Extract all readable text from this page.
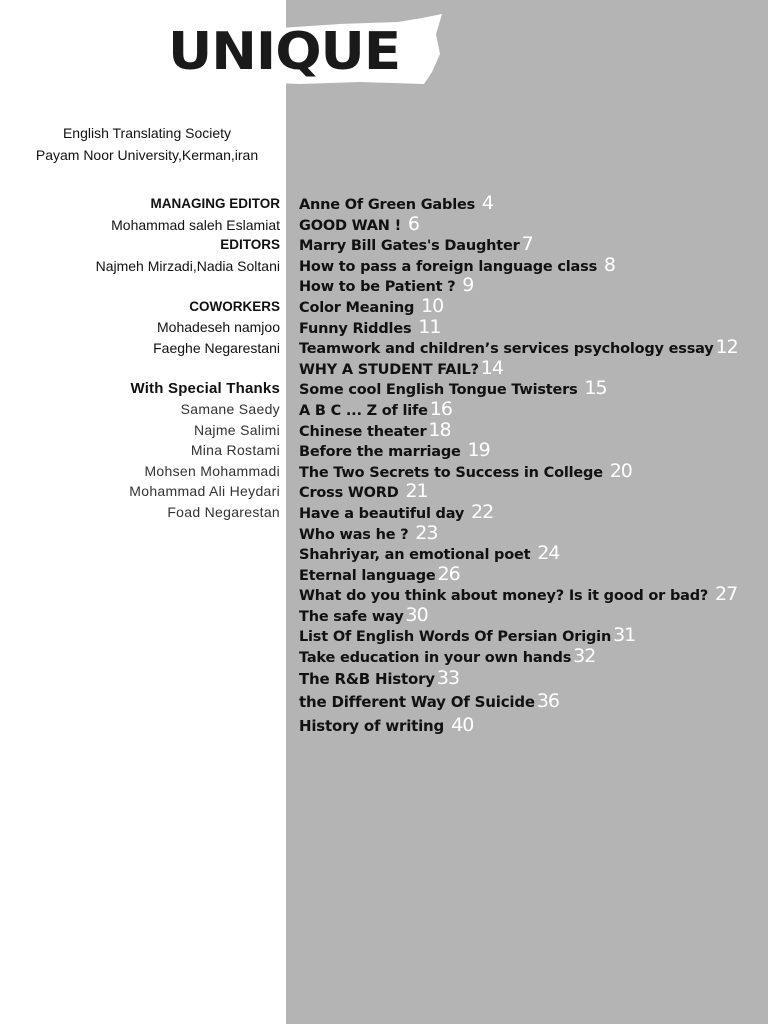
UNIQUE
English Translating Society
Payam Noor University,Kerman,iran
MANAGING EDITOR
Mohammad saleh Eslamiat
EDITORS
Najmeh Mirzadi,Nadia Soltani
COWORKERS
Mohadeseh namjoo
Faeghe Negarestani
With Special Thanks
Samane Saedy
Najme Salimi
Mina Rostami
Mohsen Mohammadi
Mohammad Ali Heydari
Foad Negarestan
Anne Of Green Gables 4
GOOD WAN ! 6
Marry Bill Gates's Daughter 7
How to pass a foreign language class 8
How to be Patient ? 9
Color Meaning 10
Funny Riddles 11
Teamwork and children’s services psychology essay 12
WHY A STUDENT FAIL? 14
Some cool English Tongue Twisters 15
A B C ... Z of life 16
Chinese theater 18
Before the marriage 19
The Two Secrets to Success in College 20
Cross WORD 21
Have a beautiful day 22
Who was he ? 23
Shahriyar, an emotional poet 24
Eternal language 26
What do you think about money? Is it good or bad? 27
The safe way 30
List Of English Words Of Persian Origin 31
Take education in your own hands 32
The R&B History 33
the Different Way Of Suicide 36
History of writing 40
